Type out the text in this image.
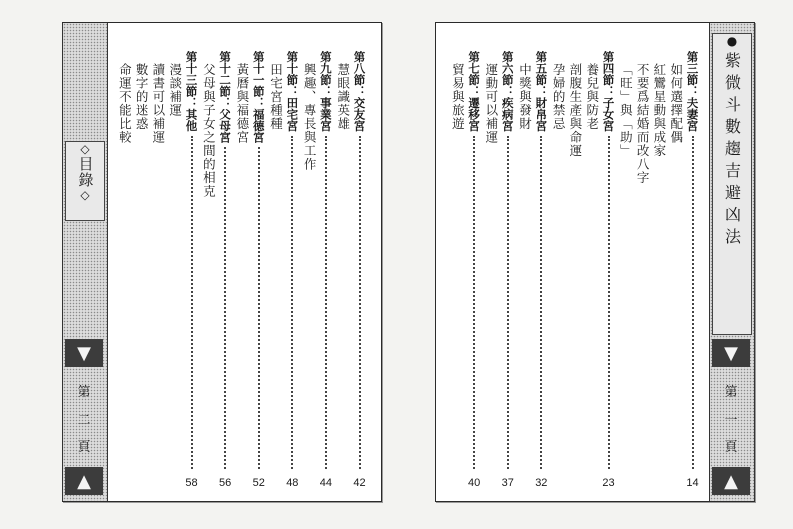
◇
目錄
◇
▼
第
二
頁
▲
第八節：交友宮
42
慧眼識英雄
第九節：事業宮
44
興趣、專長與工作
第十節：田宅宮
48
田宅宮種種
第十一節：福德宮
52
黃曆與福德宮
第十二節：父母宮
56
父母與子女之間的相克
第十三節：其他
58
漫談補運
讀書可以補運
數字的迷惑
命運不能比較
●
紫微斗數趨吉避凶法
▼
第
一
頁
▲
第三節：夫妻宮
14
如何選擇配偶
紅鸞星動與成家
不要爲結婚而改八字
「旺」與「助」
第四節：子女宮
23
養兒與防老
剖腹生產與命運
孕婦的禁忌
第五節：財帛宮
32
中獎與發財
第六節：疾病宮
37
運動可以補運
第七節：遷移宮
40
貿易與旅遊
